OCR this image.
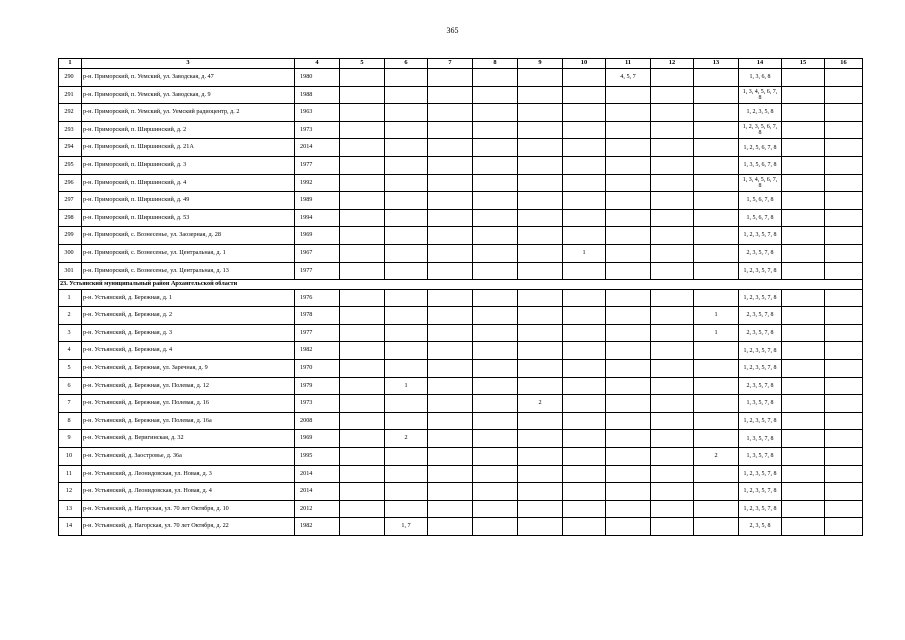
365
1	3	4	5	6	7	8	9	10	11	12	13	14	15	16
290	р-н. Приморский, п. Уемский, ул. Заводская, д. 47	1980							4, 5, 7			1, 3, 6, 8		
291	р-н. Приморский, п. Уемский, ул. Заводская, д. 9	1988										1, 3, 4, 5, 6, 7, 8		
292	р-н. Приморский, п. Уемский, ул. Уемский радиоцентр, д. 2	1963										1, 2, 3, 5, 8		
293	р-н. Приморский, п. Ширшинский, д. 2	1973										1, 2, 3, 5, 6, 7, 8		
294	р-н. Приморский, п. Ширшинский, д. 21А	2014										1, 2, 5, 6, 7, 8		
295	р-н. Приморский, п. Ширшинский, д. 3	1977										1, 3, 5, 6, 7, 8		
296	р-н. Приморский, п. Ширшинский, д. 4	1992										1, 3, 4, 5, 6, 7, 8		
297	р-н. Приморский, п. Ширшинский, д. 49	1989										1, 5, 6, 7, 8		
298	р-н. Приморский, п. Ширшинский, д. 53	1994										1, 5, 6, 7, 8		
299	р-н. Приморский, с. Вознесенье, ул. Заозерная, д. 28	1969										1, 2, 3, 5, 7, 8		
300	р-н. Приморский, с. Вознесенье, ул. Центральная, д. 1	1967						1				2, 3, 5, 7, 8		
301	р-н. Приморский, с. Вознесенье, ул. Центральная, д. 13	1977										1, 2, 3, 5, 7, 8		
23. Устьянский муниципальный район Архангельской области														
1	р-н. Устьянский, д. Бережная, д. 1	1976										1, 2, 3, 5, 7, 8		
2	р-н. Устьянский, д. Бережная, д. 2	1978									1	2, 3, 5, 7, 8		
3	р-н. Устьянский, д. Бережная, д. 3	1977									1	2, 3, 5, 7, 8		
4	р-н. Устьянский, д. Бережная, д. 4	1982										1, 2, 3, 5, 7, 8		
5	р-н. Устьянский, д. Бережная, ул. Заречная, д. 9	1970										1, 2, 3, 5, 7, 8		
6	р-н. Устьянский, д. Бережная, ул. Полевая, д. 12	1979		1								2, 3, 5, 7, 8		
7	р-н. Устьянский, д. Бережная, ул. Полевая, д. 16	1973					2					1, 3, 5, 7, 8		
8	р-н. Устьянский, д. Бережная, ул. Полевая, д. 16а	2008										1, 2, 3, 5, 7, 8		
9	р-н. Устьянский, д. Веригинская, д. 32	1969		2								1, 3, 5, 7, 8		
10	р-н. Устьянский, д. Заостровье, д. 36а	1995									2	1, 3, 5, 7, 8		
11	р-н. Устьянский, д. Леонидовская, ул. Новая, д. 3	2014										1, 2, 3, 5, 7, 8		
12	р-н. Устьянский, д. Леонидовская, ул. Новая, д. 4	2014										1, 2, 3, 5, 7, 8		
13	р-н. Устьянский, д. Нагорская, ул. 70 лет Октября, д. 10	2012										1, 2, 3, 5, 7, 8		
14	р-н. Устьянский, д. Нагорская, ул. 70 лет Октября, д. 22	1982		1, 7								2, 3, 5, 8		
